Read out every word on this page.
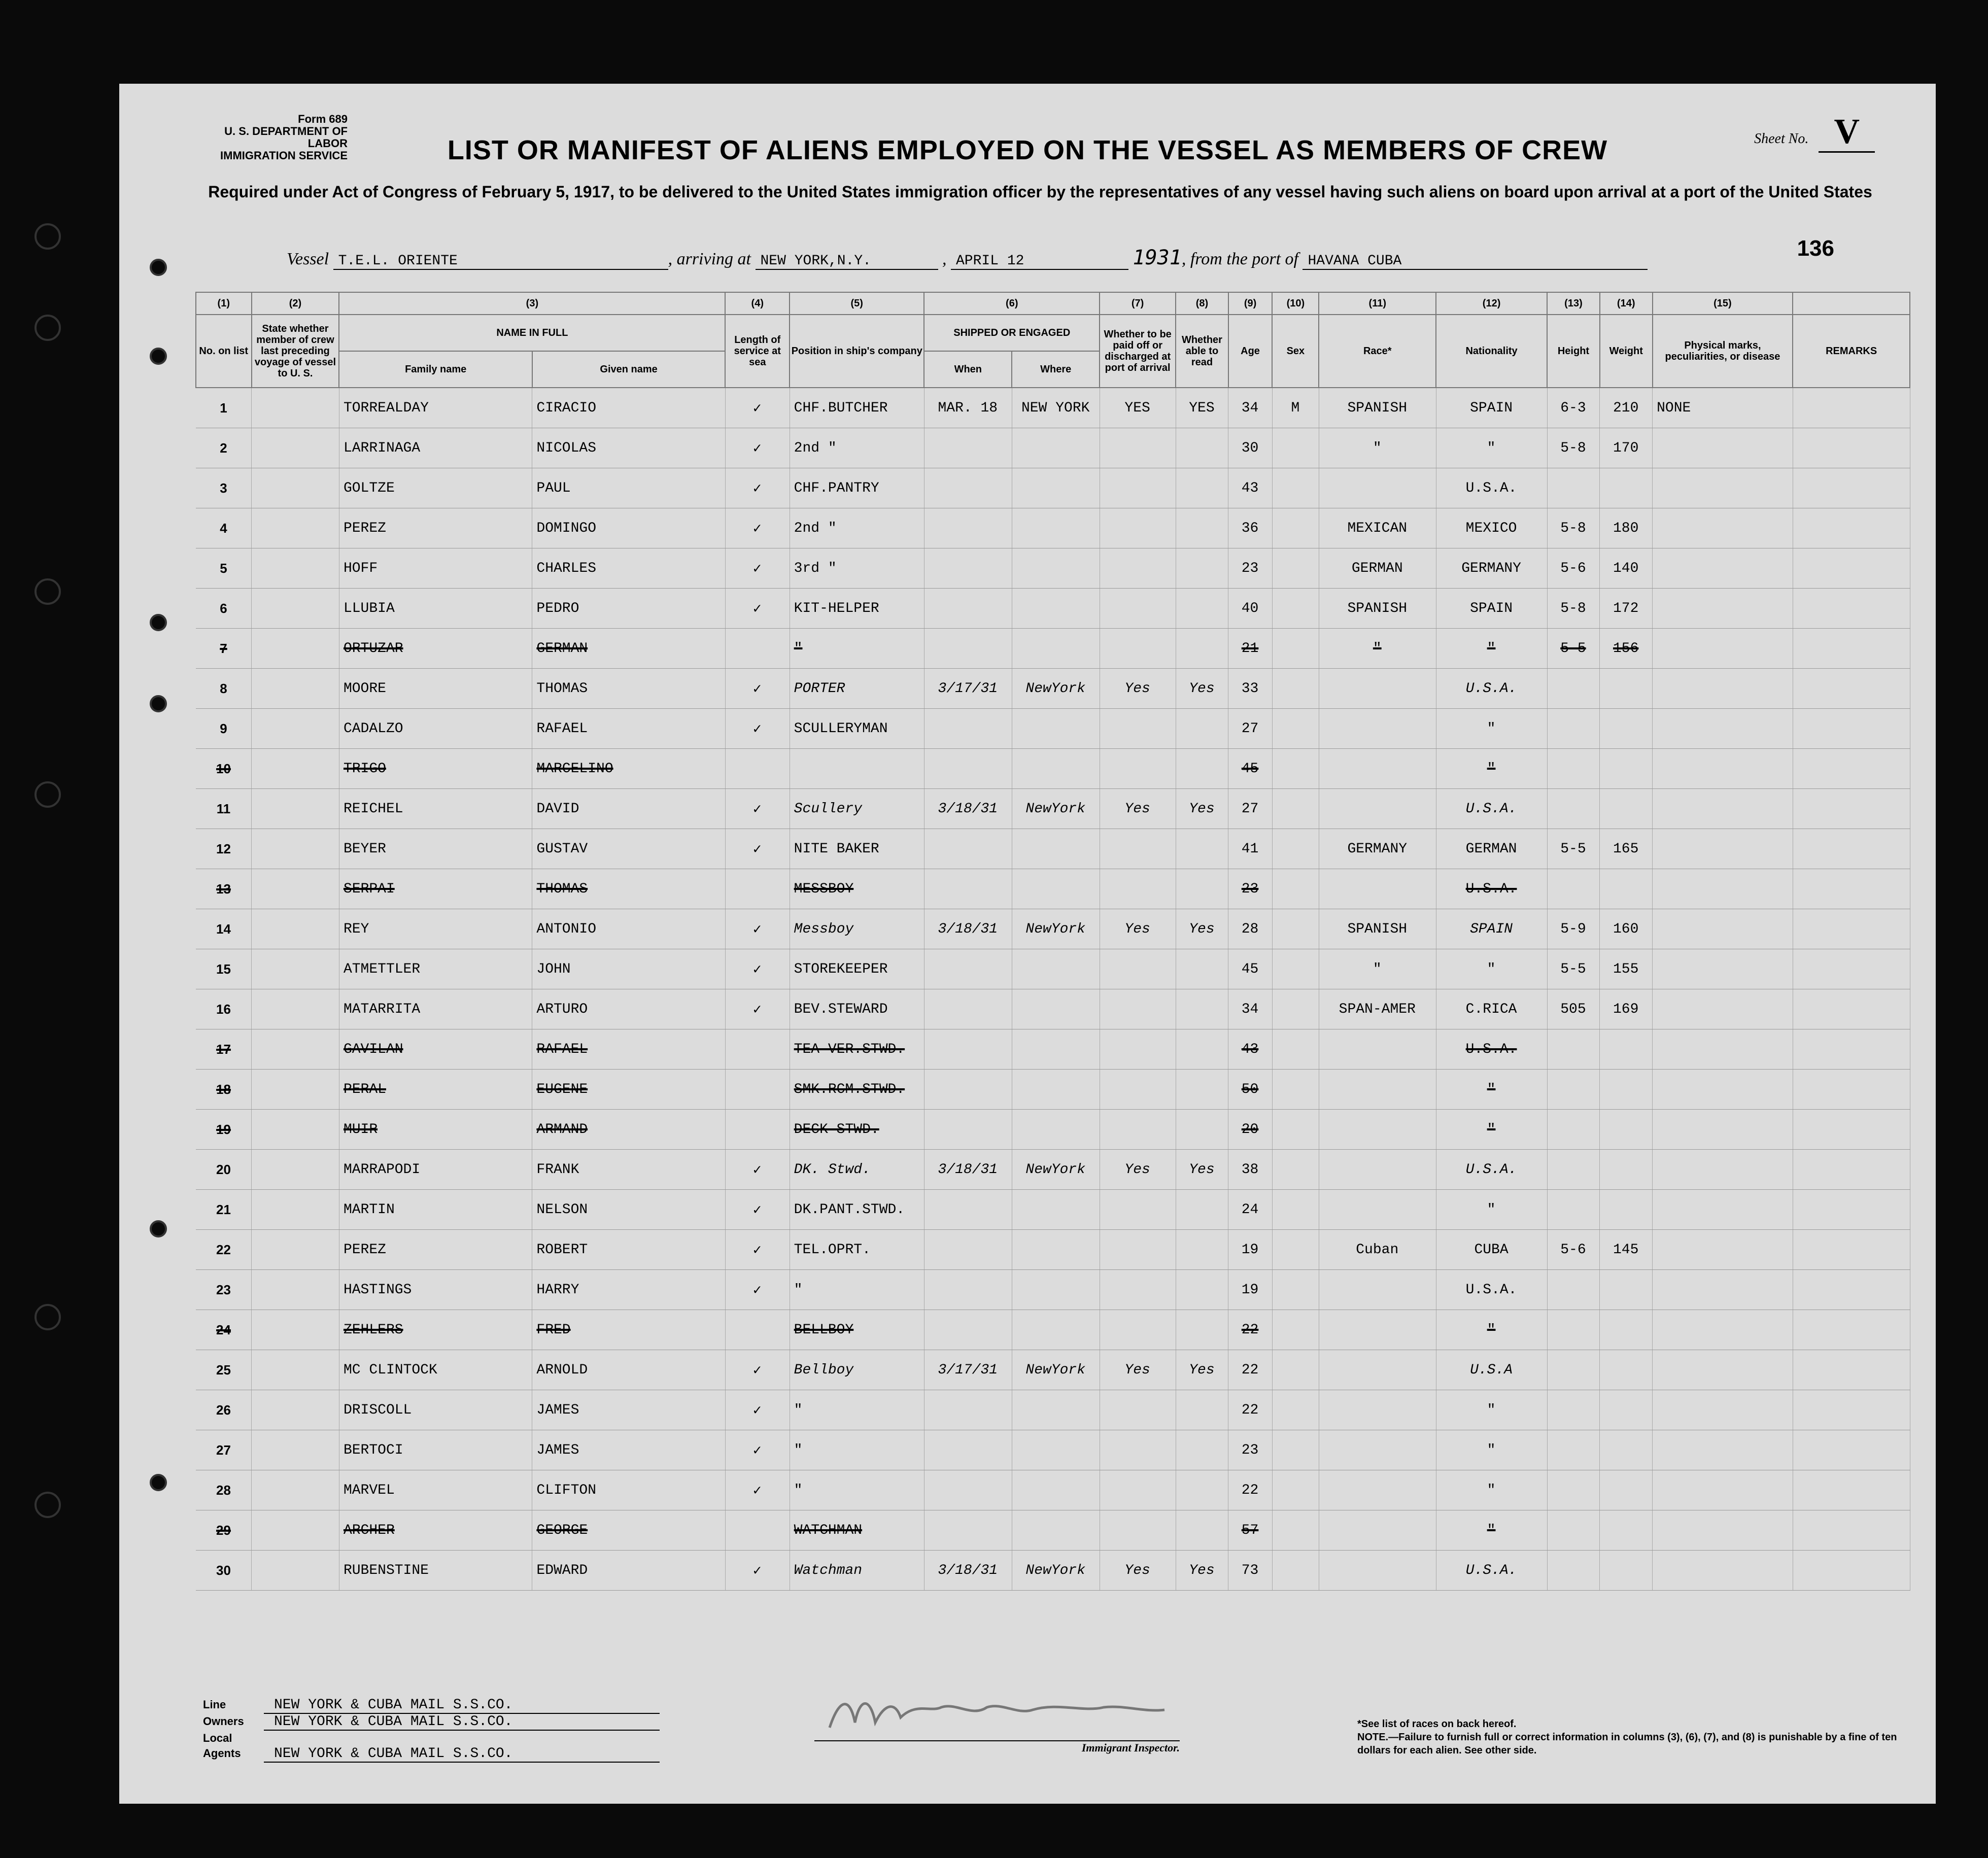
Form 689
U. S. DEPARTMENT OF LABOR
IMMIGRATION SERVICE
Sheet No. V
LIST OR MANIFEST OF ALIENS EMPLOYED ON THE VESSEL AS MEMBERS OF CREW
Required under Act of Congress of February 5, 1917, to be delivered to the United States immigration officer by the representatives of any vessel having such aliens on board upon arrival at a port of the United States
Vessel T.E.L. ORIENTE	, arriving at NEW YORK,N.Y.	, APRIL 12	1931, from the port of HAVANA CUBA
136
(1)	(2)	(3)		(4)	(5)	(6)		(7)	(8)	(9)	(10)	(11)	(12)	(13)	(14)	(15)	
No. on list	State whether member of crew last preceding voyage of vessel to U. S.	NAME IN FULL		Length of service at sea	Position in ship's company	SHIPPED OR ENGAGED		Whether to be paid off or discharged at port of arrival	Whether able to read	Age	Sex	Race*	Nationality	Height	Weight	Physical marks, peculiarities, or disease	REMARKS
		Family name	Given name			When	Where										
1		TORREALDAY	CIRACIO	✓	CHF.BUTCHER	MAR. 18	NEW YORK	YES	YES	34	M	SPANISH	SPAIN	6-3	210	NONE	
2		LARRINAGA	NICOLAS	✓	2nd "					30		"	"	5-8	170		
3		GOLTZE	PAUL	✓	CHF.PANTRY					43			U.S.A.				
4		PEREZ	DOMINGO	✓	2nd "					36		MEXICAN	MEXICO	5-8	180		
5		HOFF	CHARLES	✓	3rd "					23		GERMAN	GERMANY	5-6	140		
6		LLUBIA	PEDRO	✓	KIT-HELPER					40		SPANISH	SPAIN	5-8	172		
7		ORTUZAR	GERMAN		"					21		"	"	5-5	156		
8		MOORE	THOMAS	✓	PORTER	3/17/31	NewYork	Yes	Yes	33			U.S.A.				
9		CADALZO	RAFAEL	✓	SCULLERYMAN					27			"				
10		TRIGO	MARCELINO							45			"				
11		REICHEL	DAVID	✓	Scullery	3/18/31	NewYork	Yes	Yes	27			U.S.A.				
12		BEYER	GUSTAV	✓	NITE BAKER					41		GERMANY	GERMAN	5-5	165		
13		SERPAI	THOMAS		MESSBOY					23			U.S.A.				
14		REY	ANTONIO	✓	Messboy	3/18/31	NewYork	Yes	Yes	28		SPANISH	SPAIN	5-9	160		
15		ATMETTLER	JOHN	✓	STOREKEEPER					45		"	"	5-5	155		
16		MATARRITA	ARTURO	✓	BEV.STEWARD					34		SPAN-AMER	C.RICA	505	169		
17		GAVILAN	RAFAEL		TEA VER.STWD.					43			U.S.A.				
18		PERAL	EUGENE		SMK.RCM.STWD.					50			"				
19		MUIR	ARMAND		DECK STWD.					20			"				
20		MARRAPODI	FRANK	✓	DK. Stwd.	3/18/31	NewYork	Yes	Yes	38			U.S.A.				
21		MARTIN	NELSON	✓	DK.PANT.STWD.					24			"				
22		PEREZ	ROBERT	✓	TEL.OPRT.					19		Cuban	CUBA	5-6	145		
23		HASTINGS	HARRY	✓	"					19			U.S.A.				
24		ZEHLERS	FRED		BELLBOY					22			"				
25		MC CLINTOCK	ARNOLD	✓	Bellboy	3/17/31	NewYork	Yes	Yes	22			U.S.A				
26		DRISCOLL	JAMES	✓	"					22			"				
27		BERTOCI	JAMES	✓	"					23			"				
28		MARVEL	CLIFTON	✓	"					22			"				
29		ARCHER	GEORGE		WATCHMAN					57			"				
30		RUBENSTINE	EDWARD	✓	Watchman	3/18/31	NewYork	Yes	Yes	73			U.S.A.				
Line	NEW YORK & CUBA MAIL S.S.CO.
Owners NEW YORK & CUBA MAIL S.S.CO.
Local Agents NEW YORK & CUBA MAIL S.S.CO.	Immigrant Inspector.
*See list of races on back hereof.
NOTE.—Failure to furnish full or correct information in columns (3), (6), (7), and (8) is punishable by a fine of ten dollars for each alien. See other side.
